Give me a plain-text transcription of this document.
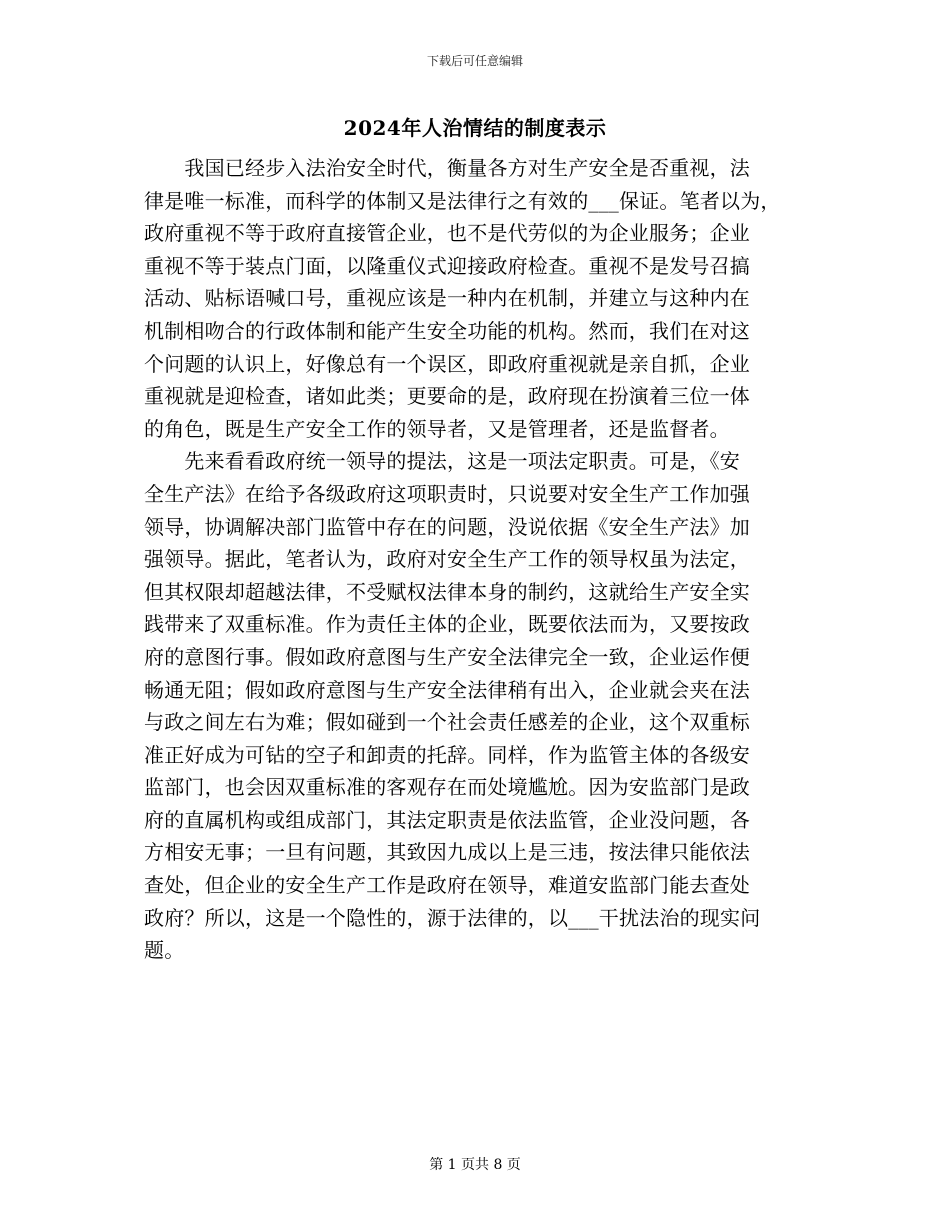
下载后可任意编辑
2024年人治情结的制度表示
　　我国已经步入法治安全时代，衡量各方对生产安全是否重视，法
律是唯一标准，而科学的体制又是法律行之有效的___保证。笔者以为，
政府重视不等于政府直接管企业，也不是代劳似的为企业服务；企业
重视不等于装点门面，以隆重仪式迎接政府检查。重视不是发号召搞
活动、贴标语喊口号，重视应该是一种内在机制，并建立与这种内在
机制相吻合的行政体制和能产生安全功能的机构。然而，我们在对这
个问题的认识上，好像总有一个误区，即政府重视就是亲自抓，企业
重视就是迎检查，诸如此类；更要命的是，政府现在扮演着三位一体
的角色，既是生产安全工作的领导者，又是管理者，还是监督者。
　　先来看看政府统一领导的提法，这是一项法定职责。可是，《安
全生产法》在给予各级政府这项职责时，只说要对安全生产工作加强
领导，协调解决部门监管中存在的问题，没说依据《安全生产法》加
强领导。据此，笔者认为，政府对安全生产工作的领导权虽为法定，
但其权限却超越法律，不受赋权法律本身的制约，这就给生产安全实
践带来了双重标准。作为责任主体的企业，既要依法而为，又要按政
府的意图行事。假如政府意图与生产安全法律完全一致，企业运作便
畅通无阻；假如政府意图与生产安全法律稍有出入，企业就会夹在法
与政之间左右为难；假如碰到一个社会责任感差的企业，这个双重标
准正好成为可钻的空子和卸责的托辞。同样，作为监管主体的各级安
监部门，也会因双重标准的客观存在而处境尴尬。因为安监部门是政
府的直属机构或组成部门，其法定职责是依法监管，企业没问题，各
方相安无事；一旦有问题，其致因九成以上是三违，按法律只能依法
查处，但企业的安全生产工作是政府在领导，难道安监部门能去查处
政府？所以，这是一个隐性的，源于法律的，以___干扰法治的现实问
题。
第 1 页共 8 页
